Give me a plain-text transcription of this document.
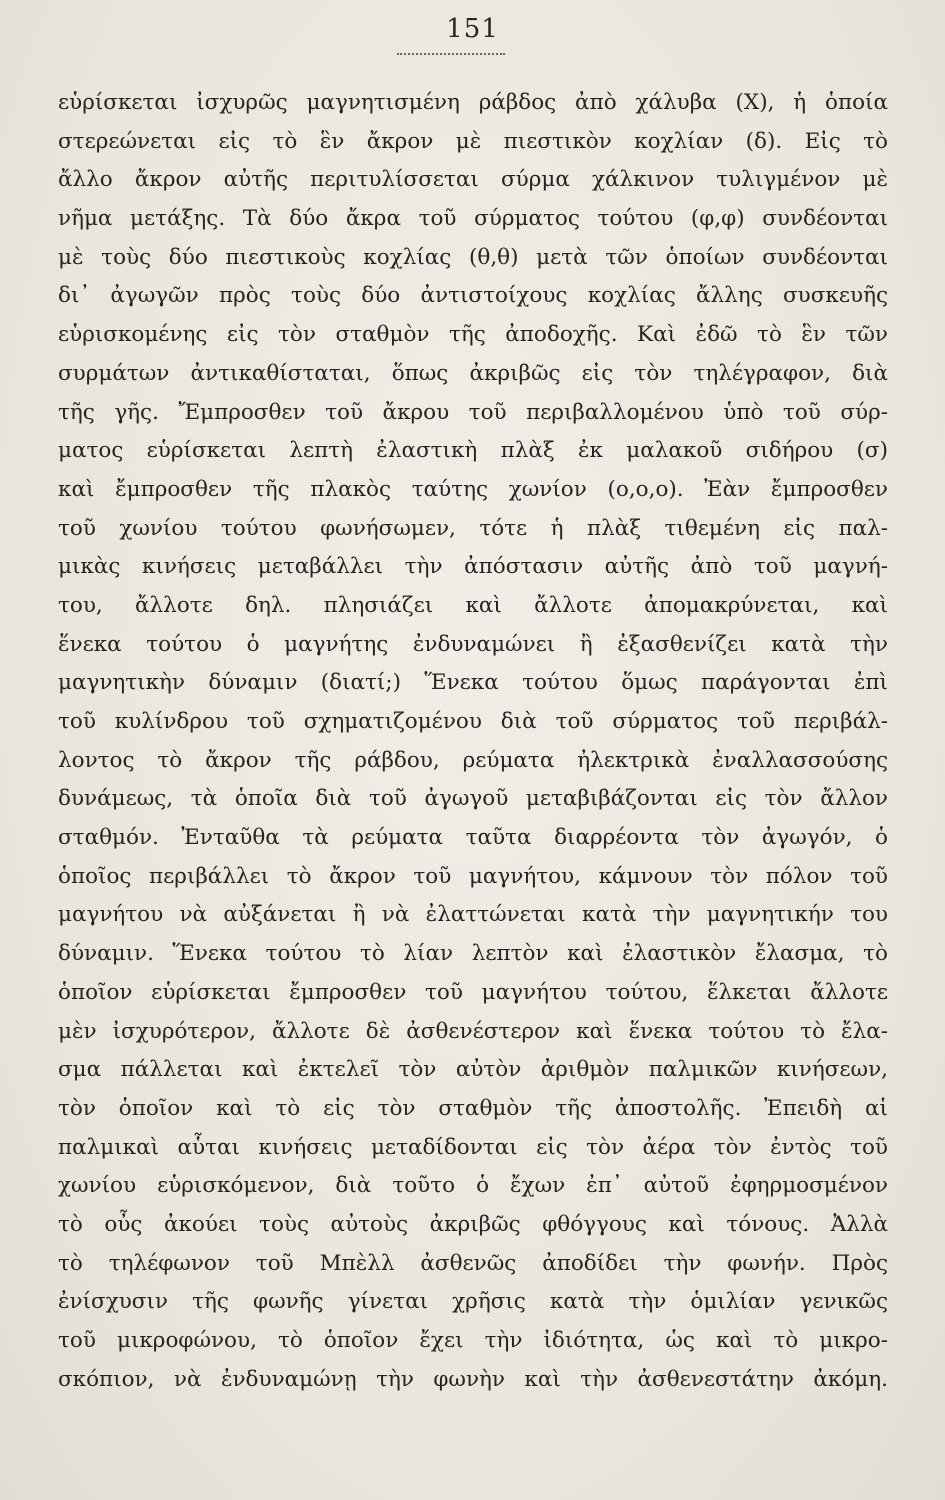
151
εὑρίσκεται ἰσχυρῶς μαγνητισμένη ράβδος ἀπὸ χάλυβα (Χ), ἡ ὁποία
στερεώνεται εἰς τὸ ἓν ἄκρον μὲ πιεστικὸν κοχλίαν (δ). Εἰς τὸ
ἄλλο ἄκρον αὐτῆς περιτυλίσσεται σύρμα χάλκινον τυλιγμένον μὲ
νῆμα μετάξης. Τὰ δύο ἄκρα τοῦ σύρματος τούτου (φ,φ) συνδέονται
μὲ τοὺς δύο πιεστικοὺς κοχλίας (θ,θ) μετὰ τῶν ὁποίων συνδέονται
δι᾿ ἀγωγῶν πρὸς τοὺς δύο ἀντιστοίχους κοχλίας ἄλλης συσκευῆς
εὑρισκομένης εἰς τὸν σταθμὸν τῆς ἀποδοχῆς. Καὶ ἐδῶ τὸ ἓν τῶν
συρμάτων ἀντικαθίσταται, ὅπως ἀκριβῶς εἰς τὸν τηλέγραφον, διὰ
τῆς γῆς. Ἔμπροσθεν τοῦ ἄκρου τοῦ περιβαλλομένου ὑπὸ τοῦ σύρ-
ματος εὑρίσκεται λεπτὴ ἐλαστικὴ πλὰξ ἐκ μαλακοῦ σιδήρου (σ)
καὶ ἔμπροσθεν τῆς πλακὸς ταύτης χωνίον (ο,ο,ο). Ἐὰν ἔμπροσθεν
τοῦ χωνίου τούτου φωνήσωμεν, τότε ἡ πλὰξ τιθεμένη εἰς παλ-
μικὰς κινήσεις μεταβάλλει τὴν ἀπόστασιν αὐτῆς ἀπὸ τοῦ μαγνή-
του, ἄλλοτε δηλ. πλησιάζει καὶ ἄλλοτε ἀπομακρύνεται, καὶ
ἕνεκα τούτου ὁ μαγνήτης ἐνδυναμώνει ἢ ἐξασθενίζει κατὰ τὴν
μαγνητικὴν δύναμιν (διατί;) Ἕνεκα τούτου ὅμως παράγονται ἐπὶ
τοῦ κυλίνδρου τοῦ σχηματιζομένου διὰ τοῦ σύρματος τοῦ περιβάλ-
λοντος τὸ ἄκρον τῆς ράβδου, ρεύματα ἠλεκτρικὰ ἐναλλασσούσης
δυνάμεως, τὰ ὁποῖα διὰ τοῦ ἀγωγοῦ μεταβιβάζονται εἰς τὸν ἄλλον
σταθμόν. Ἐνταῦθα τὰ ρεύματα ταῦτα διαρρέοντα τὸν ἀγωγόν, ὁ
ὁποῖος περιβάλλει τὸ ἄκρον τοῦ μαγνήτου, κάμνουν τὸν πόλον τοῦ
μαγνήτου νὰ αὐξάνεται ἢ νὰ ἐλαττώνεται κατὰ τὴν μαγνητικήν του
δύναμιν. Ἕνεκα τούτου τὸ λίαν λεπτὸν καὶ ἐλαστικὸν ἔλασμα, τὸ
ὁποῖον εὑρίσκεται ἔμπροσθεν τοῦ μαγνήτου τούτου, ἕλκεται ἄλλοτε
μὲν ἰσχυρότερον, ἄλλοτε δὲ ἀσθενέστερον καὶ ἕνεκα τούτου τὸ ἔλα-
σμα πάλλεται καὶ ἐκτελεῖ τὸν αὐτὸν ἀριθμὸν παλμικῶν κινήσεων,
τὸν ὁποῖον καὶ τὸ εἰς τὸν σταθμὸν τῆς ἀποστολῆς. Ἐπειδὴ αἱ
παλμικαὶ αὗται κινήσεις μεταδίδονται εἰς τὸν ἀέρα τὸν ἐντὸς τοῦ
χωνίου εὑρισκόμενον, διὰ τοῦτο ὁ ἔχων ἐπ᾿ αὐτοῦ ἐφηρμοσμένον
τὸ οὖς ἀκούει τοὺς αὐτοὺς ἀκριβῶς φθόγγους καὶ τόνους. Ἀλλὰ
τὸ τηλέφωνον τοῦ Μπὲλλ ἀσθενῶς ἀποδίδει τὴν φωνήν. Πρὸς
ἐνίσχυσιν τῆς φωνῆς γίνεται χρῆσις κατὰ τὴν ὁμιλίαν γενικῶς
τοῦ μικροφώνου, τὸ ὁποῖον ἔχει τὴν ἰδιότητα, ὡς καὶ τὸ μικρο-
σκόπιον, νὰ ἐνδυναμώνῃ τὴν φωνὴν καὶ τὴν ἀσθενεστάτην ἀκόμη.
